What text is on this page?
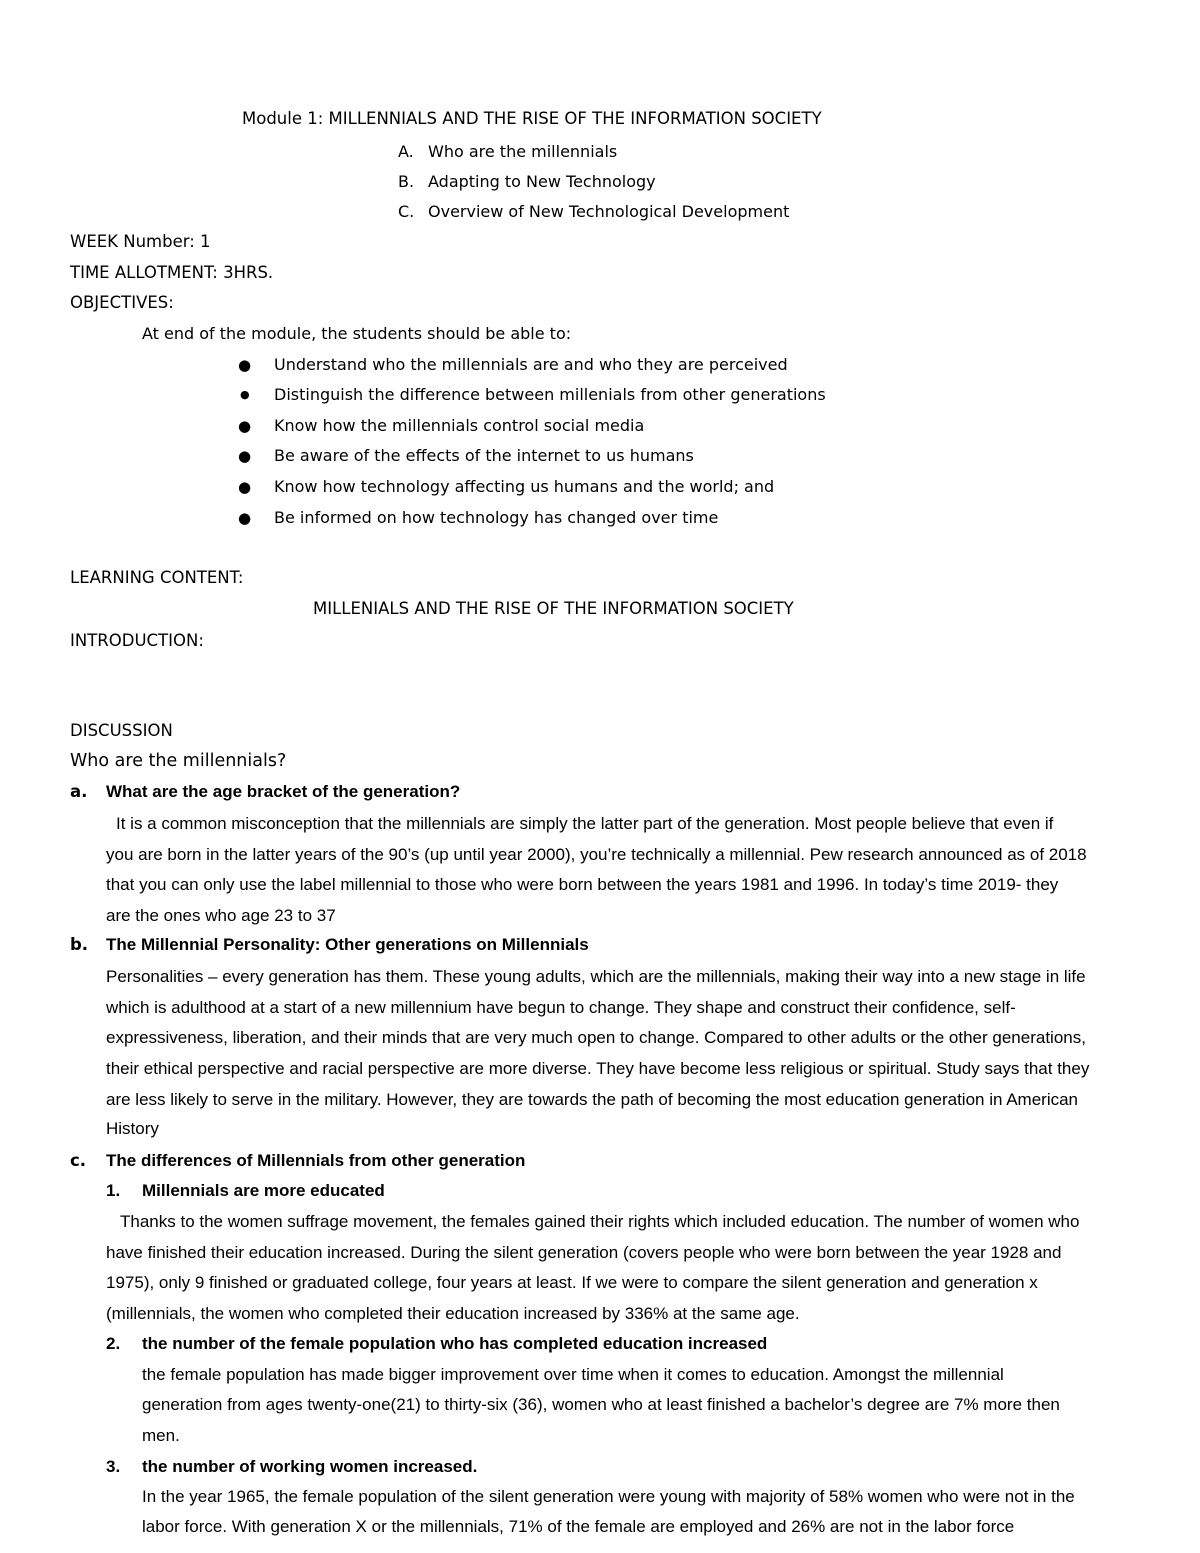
Module 1: MILLENNIALS AND THE RISE OF THE INFORMATION SOCIETY
A. Who are the millennials
B. Adapting to New Technology
C. Overview of New Technological Development
WEEK Number: 1
TIME ALLOTMENT: 3HRS.
OBJECTIVES:
At end of the module, the students should be able to:
● Understand who the millennials are and who they are perceived
● Distinguish the difference between millenials from other generations
● Know how the millennials control social media
● Be aware of the effects of the internet to us humans
● Know how technology affecting us humans and the world; and
● Be informed on how technology has changed over time
LEARNING CONTENT:
MILLENIALS AND THE RISE OF THE INFORMATION SOCIETY
INTRODUCTION:
DISCUSSION
Who are the millennials?
a. What are the age bracket of the generation?
It is a common misconception that the millennials are simply the latter part of the generation. Most people believe that even if
you are born in the latter years of the 90’s (up until year 2000), you’re technically a millennial. Pew research announced as of 2018
that you can only use the label millennial to those who were born between the years 1981 and 1996. In today’s time 2019- they
are the ones who age 23 to 37
b. The Millennial Personality: Other generations on Millennials
Personalities – every generation has them. These young adults, which are the millennials, making their way into a new stage in life
which is adulthood at a start of a new millennium have begun to change. They shape and construct their confidence, self-
expressiveness, liberation, and their minds that are very much open to change. Compared to other adults or the other generations,
their ethical perspective and racial perspective are more diverse. They have become less religious or spiritual. Study says that they
are less likely to serve in the military. However, they are towards the path of becoming the most education generation in American
History
c. The differences of Millennials from other generation
1. Millennials are more educated
Thanks to the women suffrage movement, the females gained their rights which included education. The number of women who
have finished their education increased. During the silent generation (covers people who were born between the year 1928 and
1975), only 9 finished or graduated college, four years at least. If we were to compare the silent generation and generation x
(millennials, the women who completed their education increased by 336% at the same age.
2. the number of the female population who has completed education increased
the female population has made bigger improvement over time when it comes to education. Amongst the millennial
generation from ages twenty-one(21) to thirty-six (36), women who at least finished a bachelor’s degree are 7% more then
men.
3. the number of working women increased.
In the year 1965, the female population of the silent generation were young with majority of 58% women who were not in the
labor force. With generation X or the millennials, 71% of the female are employed and 26% are not in the labor force
